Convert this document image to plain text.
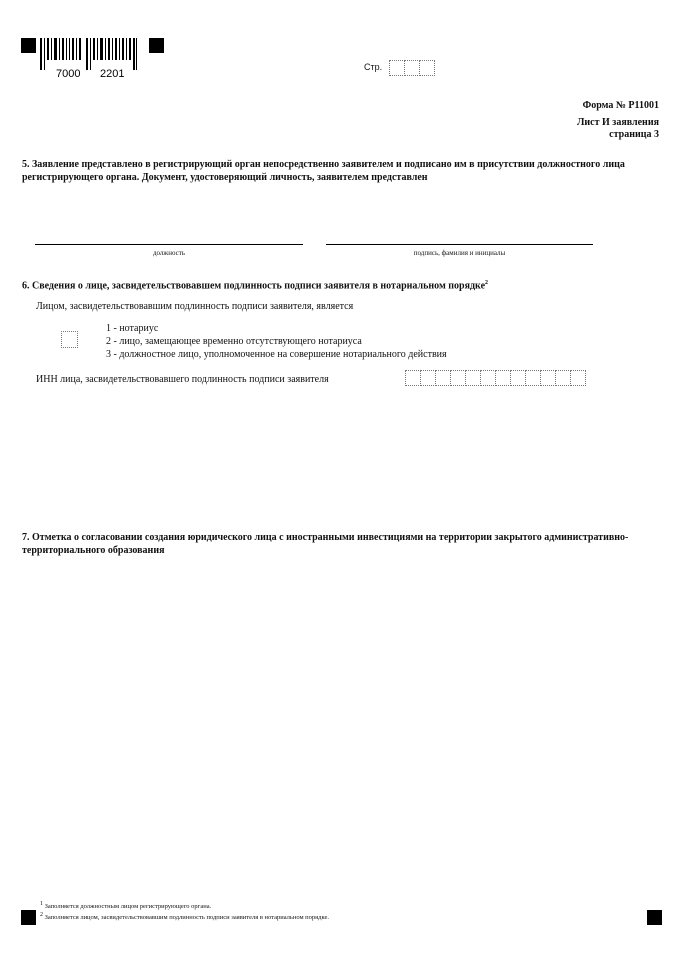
7000 2201
Стр.
Форма № Р11001
Лист И заявления
страница 3
5. Заявление представлено в регистрирующий орган непосредственно заявителем и подписано им в присутствии должностного лица регистрирующего органа. Документ, удостоверяющий личность, заявителем представлен
должность	подпись, фамилия и инициалы
6. Сведения о лице, засвидетельствовавшем подлинность подписи заявителя в нотариальном порядке$^2$
Лицом, засвидетельствовавшим подлинность подписи заявителя, является
1 - нотариус
2 - лицо, замещающее временно отсутствующего нотариуса
3 - должностное лицо, уполномоченное на совершение нотариального действия
ИНН лица, засвидетельствовавшего подлинность подписи заявителя
7. Отметка о согласовании создания юридического лица с иностранными инвестициями на территории закрытого административно-территориального образования
$^1$ Заполняется должностным лицом регистрирующего органа.
$^2$ Заполняется лицом, засвидетельствовавшим подлинность подписи заявителя в нотариальном порядке.
